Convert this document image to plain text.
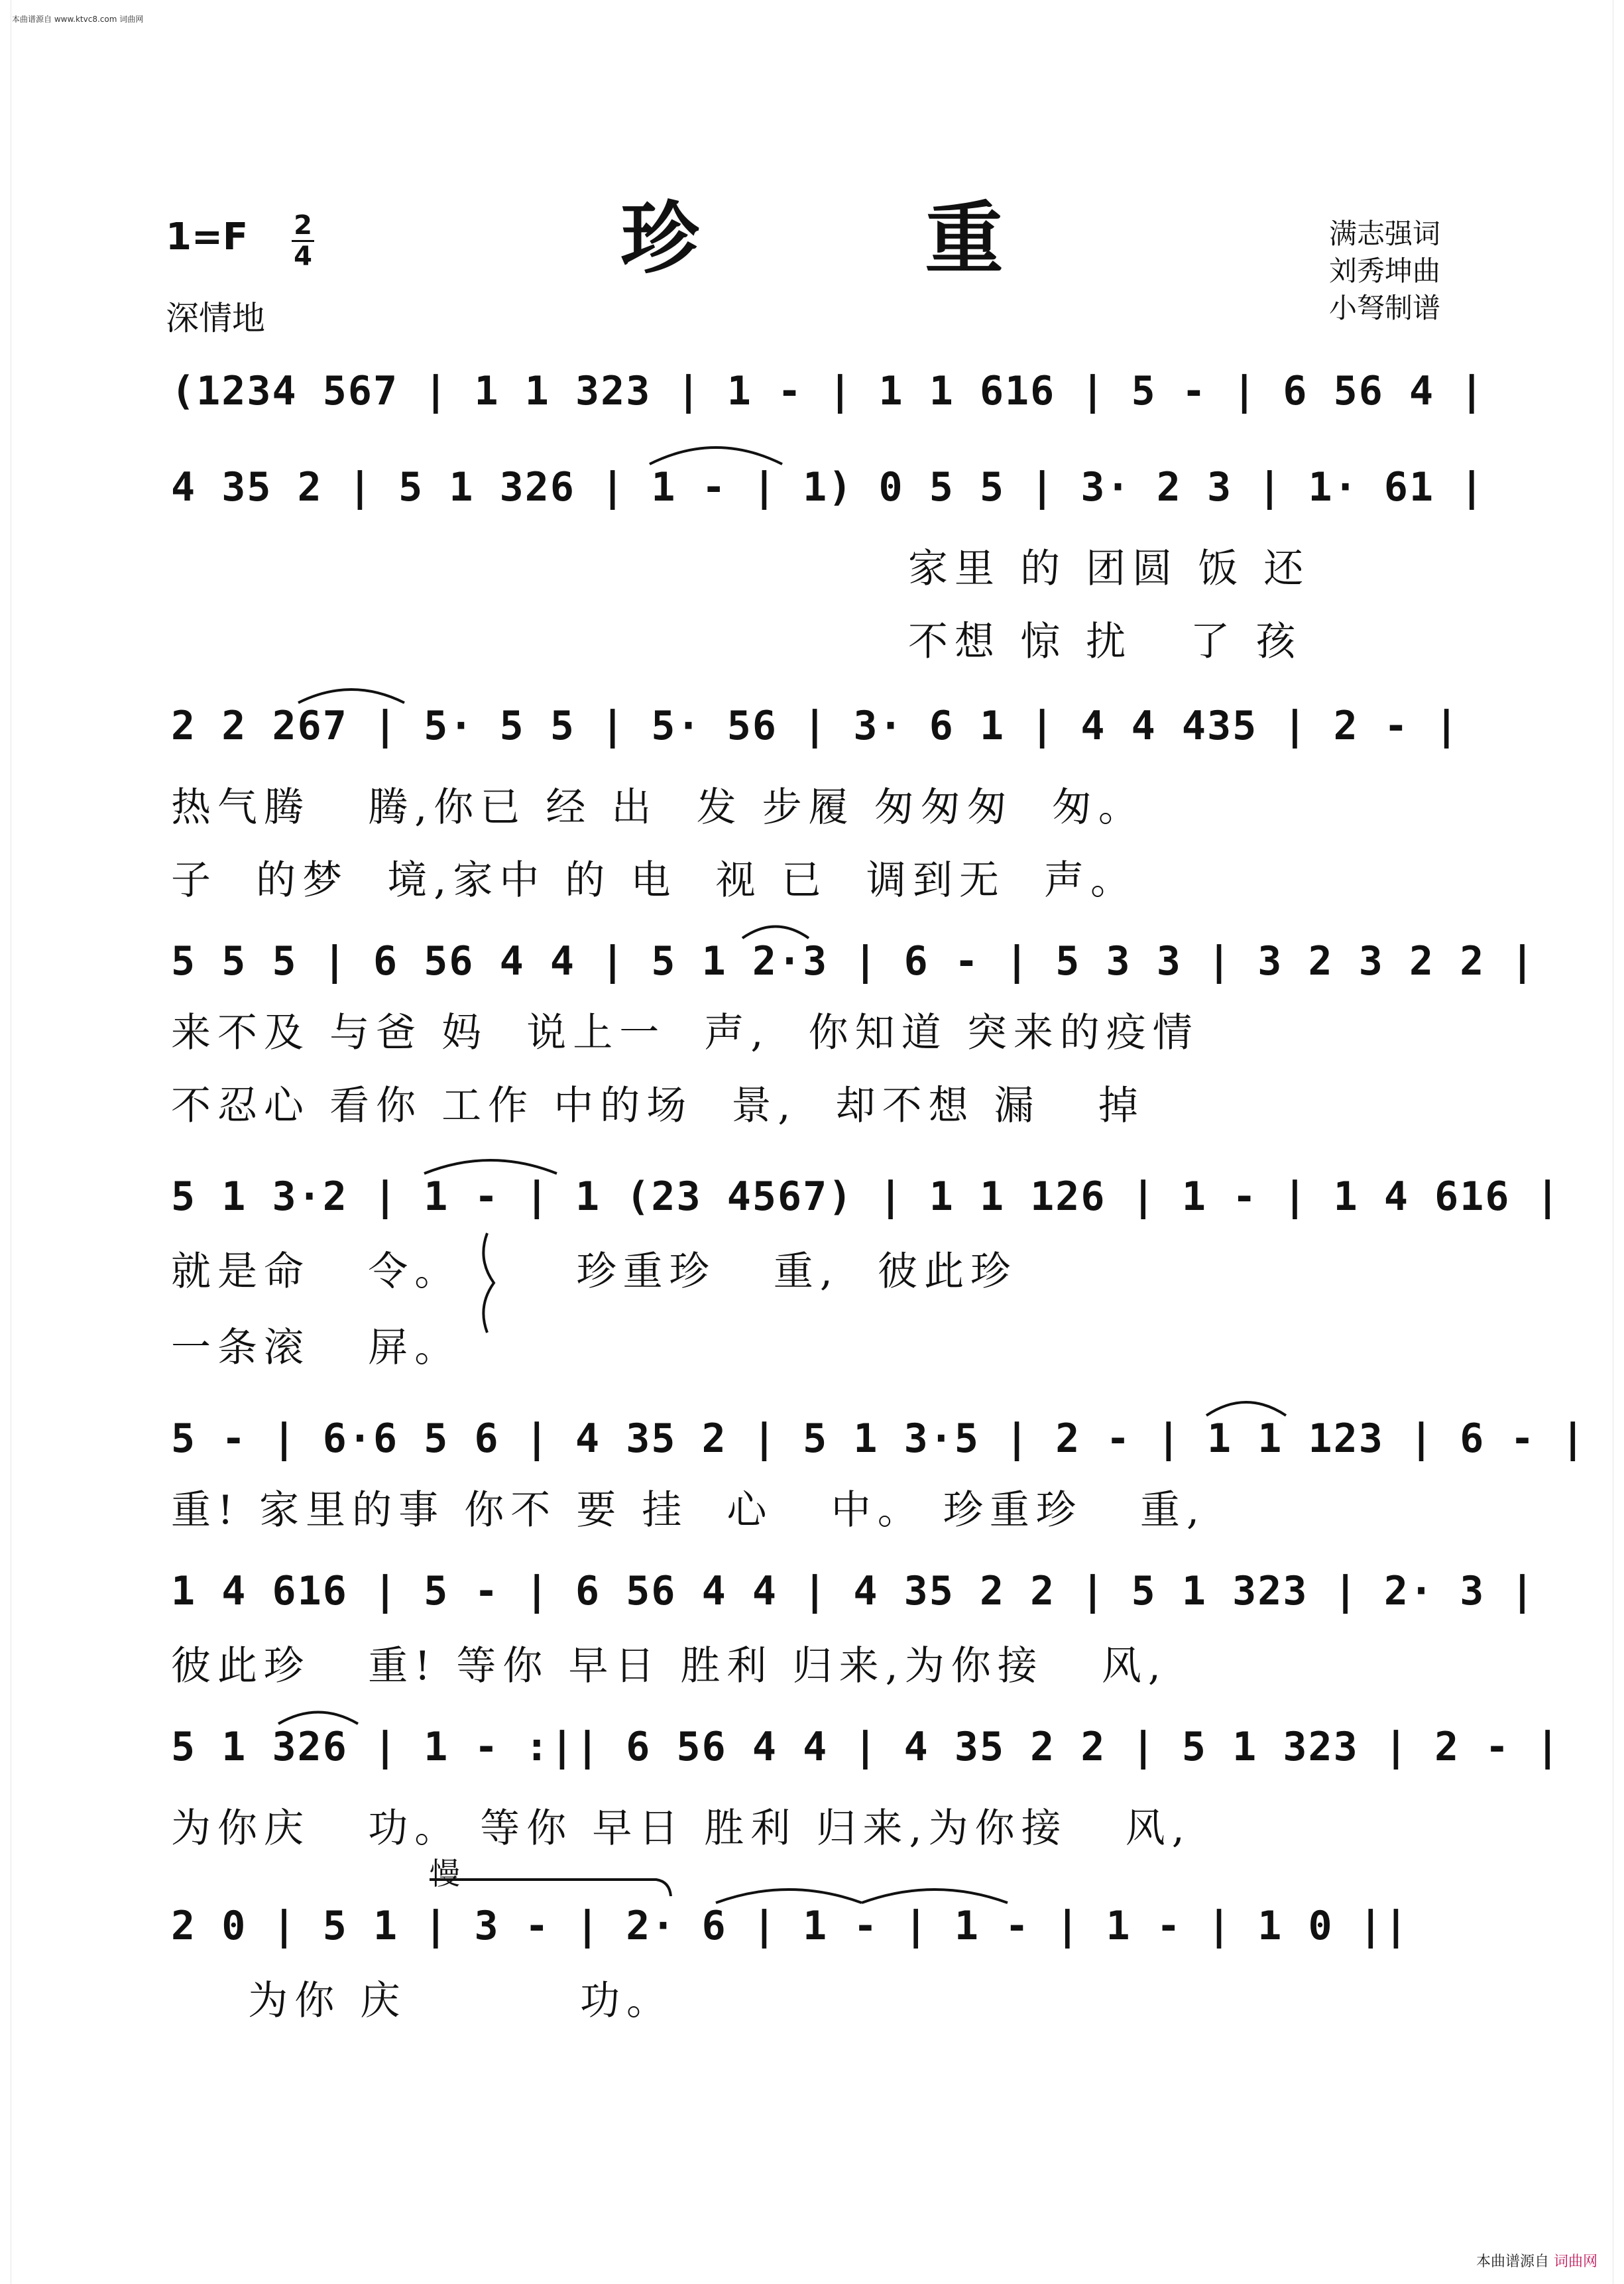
本曲谱源自 www.ktvc8.com 词曲网
珍 重
1=F 2
4
深情地
满志强词
刘秀坤曲
小弩制谱
(1234 567 | 1 1 323 | 1 - | 1 1 616 | 5 - | 6 56 4 |
4 35 2 | 5 1 326 | 1 - | 1) 0 5 5 | 3· 2 3 | 1· 61 |
家里 的 团圆 饭 还
不想 惊 扰   了 孩
2 2 267 | 5· 5 5 | 5· 56 | 3· 6 1 | 4 4 435 | 2 - |
热气腾   腾,你已 经 出  发 步履 匆匆匆  匆。
子  的梦  境,家中 的 电  视 已  调到无  声。
5 5 5 | 6 56 4 4 | 5 1 2·3 | 6 - | 5 3 3 | 3 2 3 2 2 |
来不及 与爸 妈  说上一  声,  你知道 突来的疫情
不忍心 看你 工作 中的场  景,  却不想 漏   掉
5 1 3·2 | 1 - | 1 (23 4567) | 1 1 126 | 1 - | 1 4 616 |
就是命   令。      珍重珍   重,  彼此珍
一条滚   屏。
5 - | 6·6 5 6 | 4 35 2 | 5 1 3·5 | 2 - | 1 1 123 | 6 - |
重! 家里的事 你不 要 挂  心   中。 珍重珍   重,
1 4 616 | 5 - | 6 56 4 4 | 4 35 2 2 | 5 1 323 | 2· 3 |
彼此珍   重! 等你 早日 胜利 归来,为你接   风,
5 1 326 | 1 - :|| 6 56 4 4 | 4 35 2 2 | 5 1 323 | 2 - |
为你庆   功。 等你 早日 胜利 归来,为你接   风,
慢
2 0 | 5 1 | 3 - | 2· 6 | 1 - | 1 - | 1 - | 1 0 ||
为你 庆         功。
本曲谱源自 词曲网
